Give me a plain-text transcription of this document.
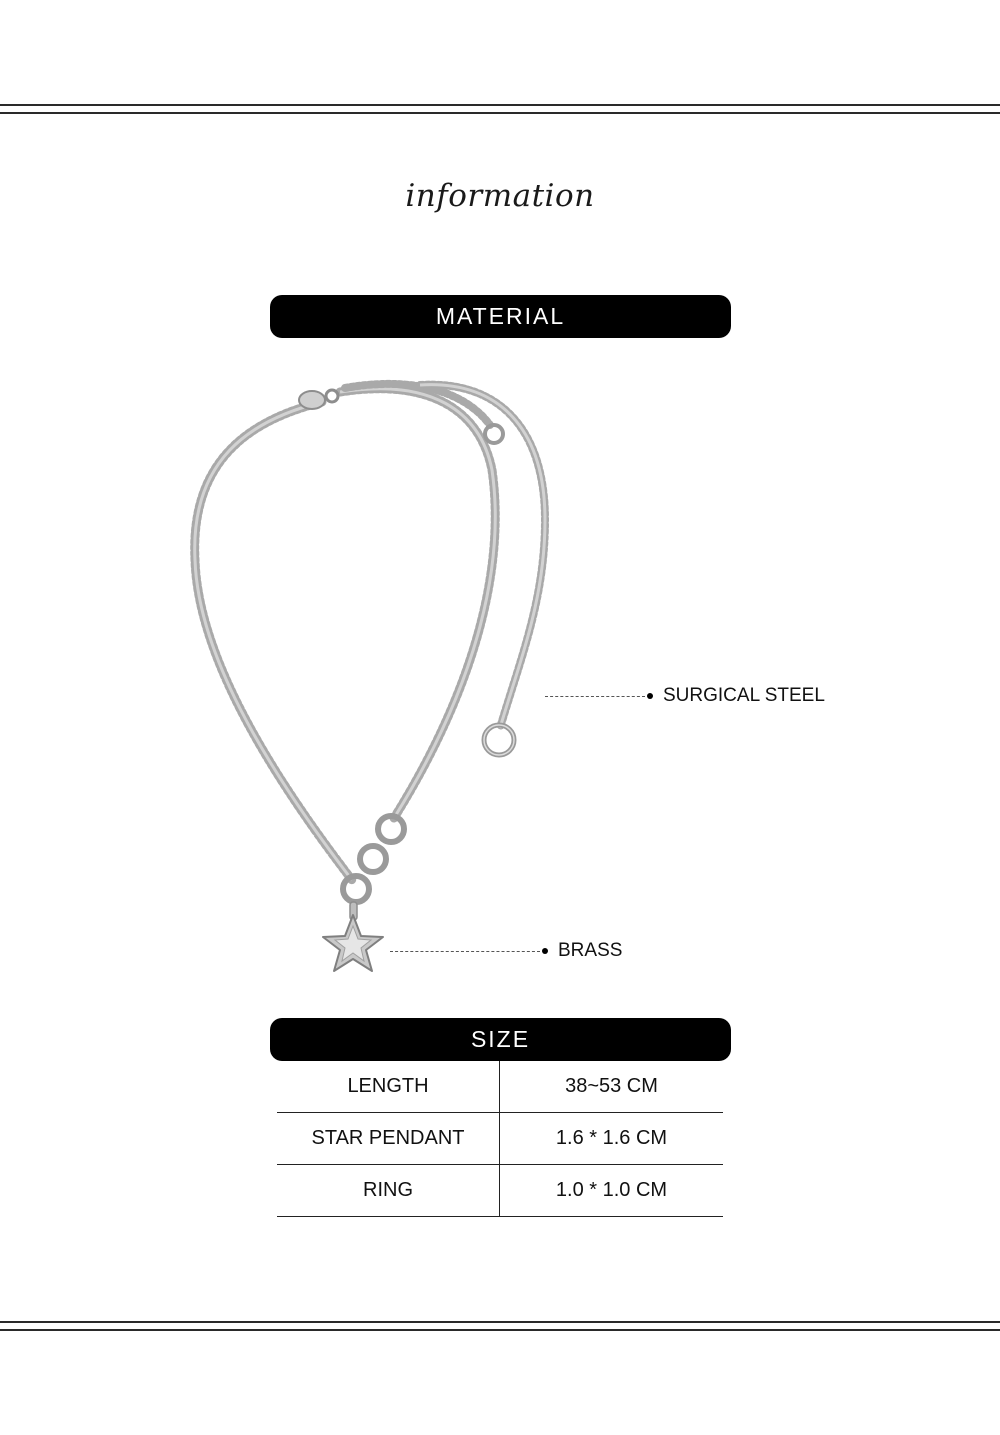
information
MATERIAL
SURGICAL STEEL
BRASS
SIZE
LENGTH	38~53 CM
STAR PENDANT	1.6 * 1.6 CM
RING	1.0 * 1.0 CM
